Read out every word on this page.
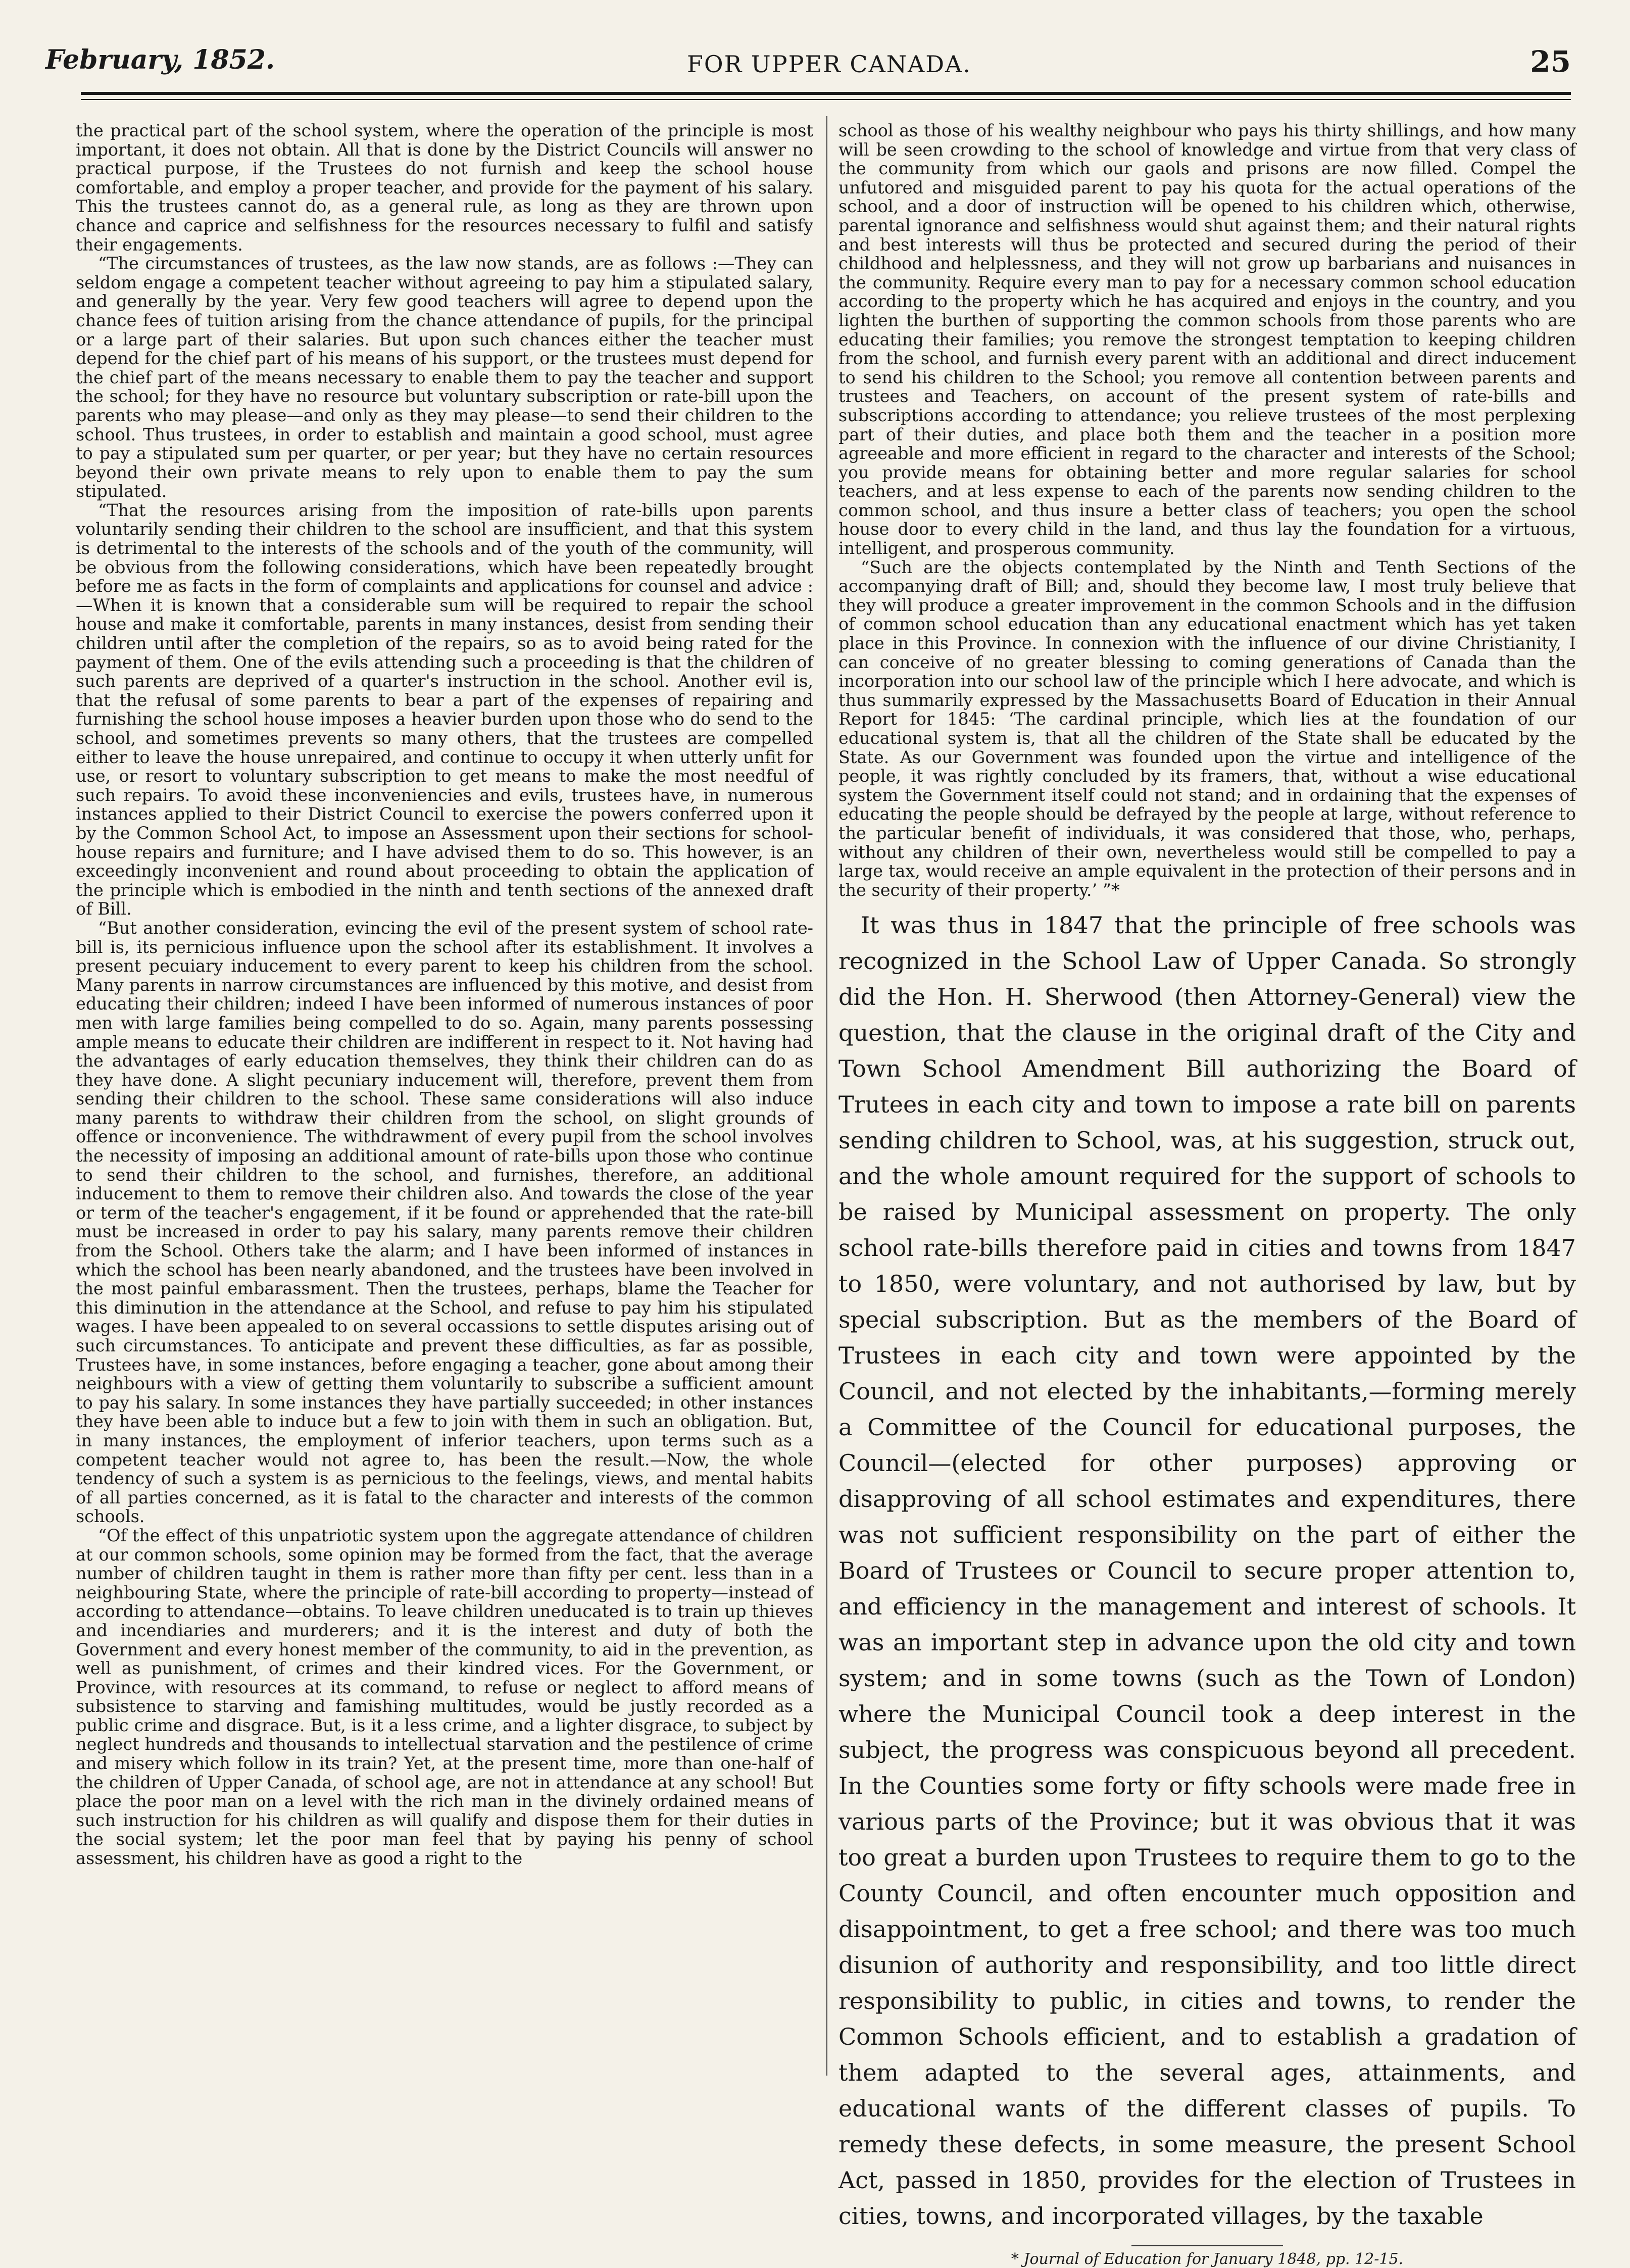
February, 1852.	FOR UPPER CANADA.	25

the practical part of the school system, where the operation of the principle is most important, it does not obtain. All that is done by the District Councils will answer no practical purpose, if the Trustees do not furnish and keep the school house comfortable, and employ a proper teacher, and provide for the payment of his salary. This the trustees cannot do, as a general rule, as long as they are thrown upon chance and caprice and selfishness for the resources necessary to fulfil and satisfy their engagements.

“The circumstances of trustees, as the law now stands, are as follows :—They can seldom engage a competent teacher without agreeing to pay him a stipulated salary, and generally by the year. Very few good teachers will agree to depend upon the chance fees of tuition arising from the chance attendance of pupils, for the principal or a large part of their salaries. But upon such chances either the teacher must depend for the chief part of his means of his support, or the trustees must depend for the chief part of the means necessary to enable them to pay the teacher and support the school; for they have no resource but voluntary subscription or rate-bill upon the parents who may please—and only as they may please—to send their children to the school. Thus trustees, in order to establish and maintain a good school, must agree to pay a stipulated sum per quarter, or per year; but they have no certain resources beyond their own private means to rely upon to enable them to pay the sum stipulated.

“That the resources arising from the imposition of rate-bills upon parents voluntarily sending their children to the school are insufficient, and that this system is detrimental to the interests of the schools and of the youth of the community, will be obvious from the following considerations, which have been repeatedly brought before me as facts in the form of complaints and applications for counsel and advice :—When it is known that a considerable sum will be required to repair the school house and make it comfortable, parents in many instances, desist from sending their children until after the completion of the repairs, so as to avoid being rated for the payment of them. One of the evils attending such a proceeding is that the children of such parents are deprived of a quarter's instruction in the school. Another evil is, that the refusal of some parents to bear a part of the expenses of repairing and furnishing the school house imposes a heavier burden upon those who do send to the school, and sometimes prevents so many others, that the trustees are compelled either to leave the house unrepaired, and continue to occupy it when utterly unfit for use, or resort to voluntary subscription to get means to make the most needful of such repairs. To avoid these inconveniencies and evils, trustees have, in numerous instances applied to their District Council to exercise the powers conferred upon it by the Common School Act, to impose an Assessment upon their sections for school-house repairs and furniture; and I have advised them to do so. This however, is an exceedingly inconvenient and round about proceeding to obtain the application of the principle which is embodied in the ninth and tenth sections of the annexed draft of Bill.

“But another consideration, evincing the evil of the present system of school rate-bill is, its pernicious influence upon the school after its establishment. It involves a present pecuiary inducement to every parent to keep his children from the school. Many parents in narrow circumstances are influenced by this motive, and desist from educating their children; indeed I have been informed of numerous instances of poor men with large families being compelled to do so. Again, many parents possessing ample means to educate their children are indifferent in respect to it. Not having had the advantages of early education themselves, they think their children can do as they have done. A slight pecuniary inducement will, therefore, prevent them from sending their children to the school. These same considerations will also induce many parents to withdraw their children from the school, on slight grounds of offence or inconvenience. The withdrawment of every pupil from the school involves the necessity of imposing an additional amount of rate-bills upon those who continue to send their children to the school, and furnishes, therefore, an additional inducement to them to remove their children also. And towards the close of the year or term of the teacher's engagement, if it be found or apprehended that the rate-bill must be increased in order to pay his salary, many parents remove their children from the School. Others take the alarm; and I have been informed of instances in which the school has been nearly abandoned, and the trustees have been involved in the most painful embarassment. Then the trustees, perhaps, blame the Teacher for this diminution in the attendance at the School, and refuse to pay him his stipulated wages. I have been appealed to on several occassions to settle disputes arising out of such circumstances. To anticipate and prevent these difficulties, as far as possible, Trustees have, in some instances, before engaging a teacher, gone about among their neighbours with a view of getting them voluntarily to subscribe a sufficient amount to pay his salary. In some instances they have partially succeeded; in other instances they have been able to induce but a few to join with them in such an obligation. But, in many instances, the employment of inferior teachers, upon terms such as a competent teacher would not agree to, has been the result.—Now, the whole tendency of such a system is as pernicious to the feelings, views, and mental habits of all parties concerned, as it is fatal to the character and interests of the common schools.

“Of the effect of this unpatriotic system upon the aggregate attendance of children at our common schools, some opinion may be formed from the fact, that the average number of children taught in them is rather more than fifty per cent. less than in a neighbouring State, where the principle of rate-bill according to property—instead of according to attendance—obtains. To leave children uneducated is to train up thieves and incendiaries and murderers; and it is the interest and duty of both the Government and every honest member of the community, to aid in the prevention, as well as punishment, of crimes and their kindred vices. For the Government, or Province, with resources at its command, to refuse or neglect to afford means of subsistence to starving and famishing multitudes, would be justly recorded as a public crime and disgrace. But, is it a less crime, and a lighter disgrace, to subject by neglect hundreds and thousands to intellectual starvation and the pestilence of crime and misery which follow in its train? Yet, at the present time, more than one-half of the children of Upper Canada, of school age, are not in attendance at any school! But place the poor man on a level with the rich man in the divinely ordained means of such instruction for his children as will qualify and dispose them for their duties in the social system; let the poor man feel that by paying his penny of school assessment, his children have as good a right to the

school as those of his wealthy neighbour who pays his thirty shillings, and how many will be seen crowding to the school of knowledge and virtue from that very class of the community from which our gaols and prisons are now filled. Compel the unfutored and misguided parent to pay his quota for the actual operations of the school, and a door of instruction will be opened to his children which, otherwise, parental ignorance and selfishness would shut against them; and their natural rights and best interests will thus be protected and secured during the period of their childhood and helplessness, and they will not grow up barbarians and nuisances in the community. Require every man to pay for a necessary common school education according to the property which he has acquired and enjoys in the country, and you lighten the burthen of supporting the common schools from those parents who are educating their families; you remove the strongest temptation to keeping children from the school, and furnish every parent with an additional and direct inducement to send his children to the School; you remove all contention between parents and trustees and Teachers, on account of the present system of rate-bills and subscriptions according to attendance; you relieve trustees of the most perplexing part of their duties, and place both them and the teacher in a position more agreeable and more efficient in regard to the character and interests of the School; you provide means for obtaining better and more regular salaries for school teachers, and at less expense to each of the parents now sending children to the common school, and thus insure a better class of teachers; you open the school house door to every child in the land, and thus lay the foundation for a virtuous, intelligent, and prosperous community.

“Such are the objects contemplated by the Ninth and Tenth Sections of the accompanying draft of Bill; and, should they become law, I most truly believe that they will produce a greater improvement in the common Schools and in the diffusion of common school education than any educational enactment which has yet taken place in this Province. In connexion with the influence of our divine Christianity, I can conceive of no greater blessing to coming generations of Canada than the incorporation into our school law of the principle which I here advocate, and which is thus summarily expressed by the Massachusetts Board of Education in their Annual Report for 1845: ‘The cardinal principle, which lies at the foundation of our educational system is, that all the children of the State shall be educated by the State. As our Government was founded upon the virtue and intelligence of the people, it was rightly concluded by its framers, that, without a wise educational system the Government itself could not stand; and in ordaining that the expenses of educating the people should be defrayed by the people at large, without reference to the particular benefit of individuals, it was considered that those, who, perhaps, without any children of their own, nevertheless would still be compelled to pay a large tax, would receive an ample equivalent in the protection of their persons and in the security of their property.’ ”*

It was thus in 1847 that the principle of free schools was recognized in the School Law of Upper Canada. So strongly did the Hon. H. Sherwood (then Attorney-General) view the question, that the clause in the original draft of the City and Town School Amendment Bill authorizing the Board of Trutees in each city and town to impose a rate bill on parents sending children to School, was, at his suggestion, struck out, and the whole amount required for the support of schools to be raised by Municipal assessment on property. The only school rate-bills therefore paid in cities and towns from 1847 to 1850, were voluntary, and not authorised by law, but by special subscription. But as the members of the Board of Trustees in each city and town were appointed by the Council, and not elected by the inhabitants,—forming merely a Committee of the Council for educational purposes, the Council—(elected for other purposes) approving or disapproving of all school estimates and expenditures, there was not sufficient responsibility on the part of either the Board of Trustees or Council to secure proper attention to, and efficiency in the management and interest of schools. It was an important step in advance upon the old city and town system; and in some towns (such as the Town of London) where the Municipal Council took a deep interest in the subject, the progress was conspicuous beyond all precedent. In the Counties some forty or fifty schools were made free in various parts of the Province; but it was obvious that it was too great a burden upon Trustees to require them to go to the County Council, and often encounter much opposition and disappointment, to get a free school; and there was too much disunion of authority and responsibility, and too little direct responsibility to public, in cities and towns, to render the Common Schools efficient, and to establish a gradation of them adapted to the several ages, attainments, and educational wants of the different classes of pupils. To remedy these defects, in some measure, the present School Act, passed in 1850, provides for the election of Trustees in cities, towns, and incorporated villages, by the taxable

* Journal of Education for January 1848, pp. 12-15.
